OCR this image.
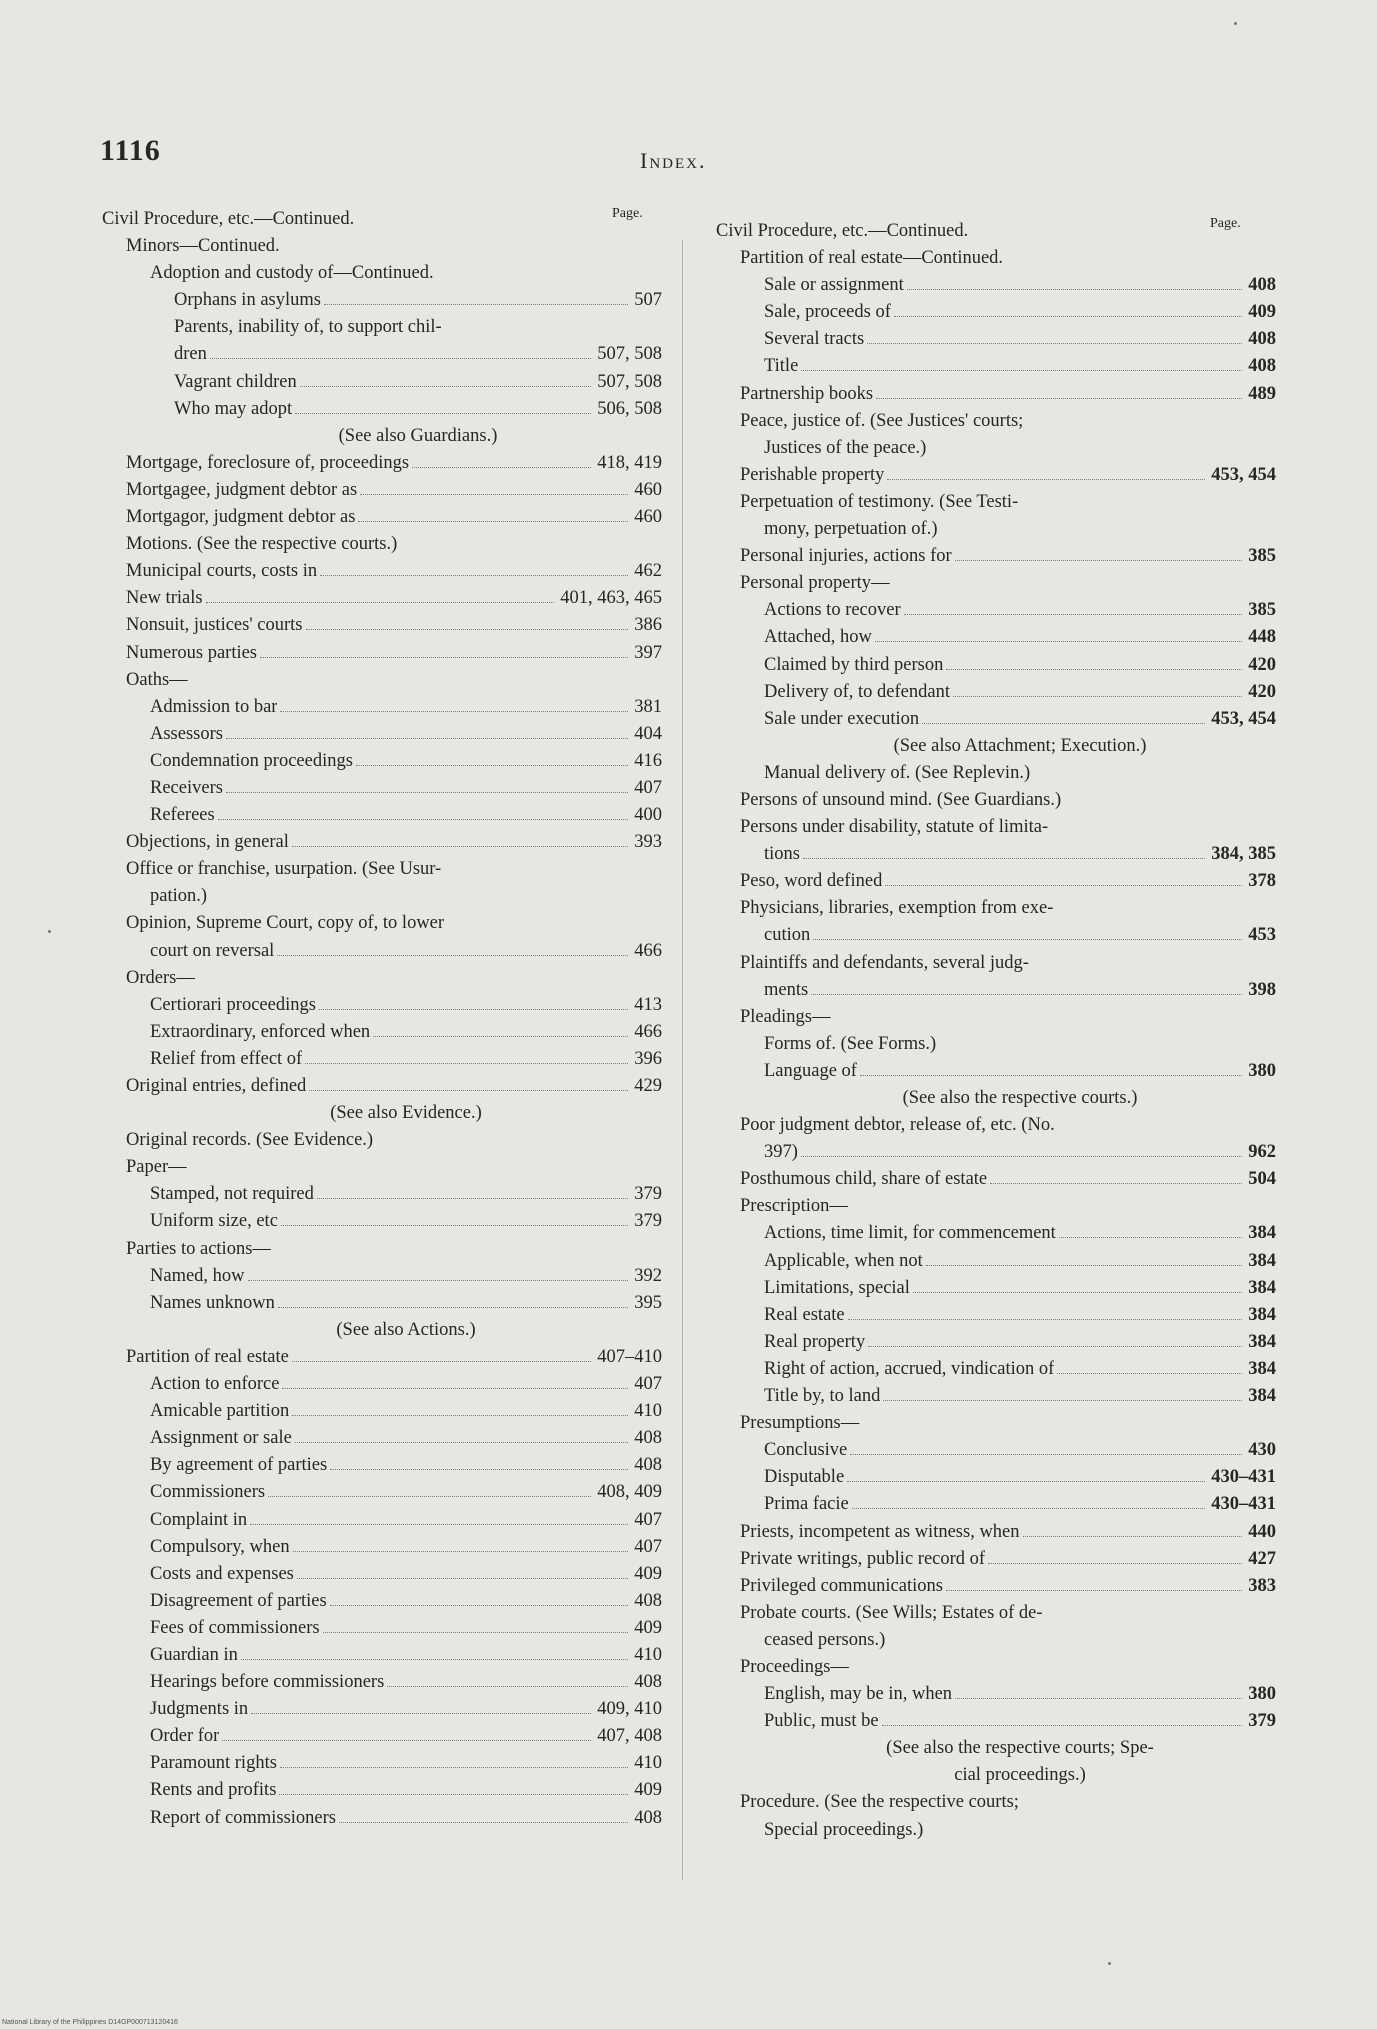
1116	Index.
Page.
Page.
Civil Procedure, etc.—Continued.
Minors—Continued.
Adoption and custody of—Continued.
Orphans in asylums	507
Parents, inability of, to support chil-
dren	507, 508
Vagrant children	507, 508
Who may adopt	506, 508
(See also Guardians.)
Mortgage, foreclosure of, proceedings	418, 419
Mortgagee, judgment debtor as	460
Mortgagor, judgment debtor as	460
Motions. (See the respective courts.)
Municipal courts, costs in	462
New trials	401, 463, 465
Nonsuit, justices' courts	386
Numerous parties	397
Oaths—
Admission to bar	381
Assessors	404
Condemnation proceedings	416
Receivers	407
Referees	400
Objections, in general	393
Office or franchise, usurpation. (See Usur-
pation.)
Opinion, Supreme Court, copy of, to lower
court on reversal	466
Orders—
Certiorari proceedings	413
Extraordinary, enforced when	466
Relief from effect of	396
Original entries, defined	429
(See also Evidence.)
Original records. (See Evidence.)
Paper—
Stamped, not required	379
Uniform size, etc	379
Parties to actions—
Named, how	392
Names unknown	395
(See also Actions.)
Partition of real estate	407–410
Action to enforce	407
Amicable partition	410
Assignment or sale	408
By agreement of parties	408
Commissioners	408, 409
Complaint in	407
Compulsory, when	407
Costs and expenses	409
Disagreement of parties	408
Fees of commissioners	409
Guardian in	410
Hearings before commissioners	408
Judgments in	409, 410
Order for	407, 408
Paramount rights	410
Rents and profits	409
Report of commissioners	408
Civil Procedure, etc.—Continued.
Partition of real estate—Continued.
Sale or assignment	408
Sale, proceeds of	409
Several tracts	408
Title	408
Partnership books	489
Peace, justice of. (See Justices' courts;
Justices of the peace.)
Perishable property	453, 454
Perpetuation of testimony. (See Testi-
mony, perpetuation of.)
Personal injuries, actions for	385
Personal property—
Actions to recover	385
Attached, how	448
Claimed by third person	420
Delivery of, to defendant	420
Sale under execution	453, 454
(See also Attachment; Execution.)
Manual delivery of. (See Replevin.)
Persons of unsound mind. (See Guardians.)
Persons under disability, statute of limita-
tions	384, 385
Peso, word defined	378
Physicians, libraries, exemption from exe-
cution	453
Plaintiffs and defendants, several judg-
ments	398
Pleadings—
Forms of. (See Forms.)
Language of	380
(See also the respective courts.)
Poor judgment debtor, release of, etc. (No.
397)	962
Posthumous child, share of estate	504
Prescription—
Actions, time limit, for commencement	384
Applicable, when not	384
Limitations, special	384
Real estate	384
Real property	384
Right of action, accrued, vindication of	384
Title by, to land	384
Presumptions—
Conclusive	430
Disputable	430–431
Prima facie	430–431
Priests, incompetent as witness, when	440
Private writings, public record of	427
Privileged communications	383
Probate courts. (See Wills; Estates of de-
ceased persons.)
Proceedings—
English, may be in, when	380
Public, must be	379
(See also the respective courts; Spe-
cial proceedings.)
Procedure. (See the respective courts;
Special proceedings.)
National Library of the Philippines D14GP000713120416
